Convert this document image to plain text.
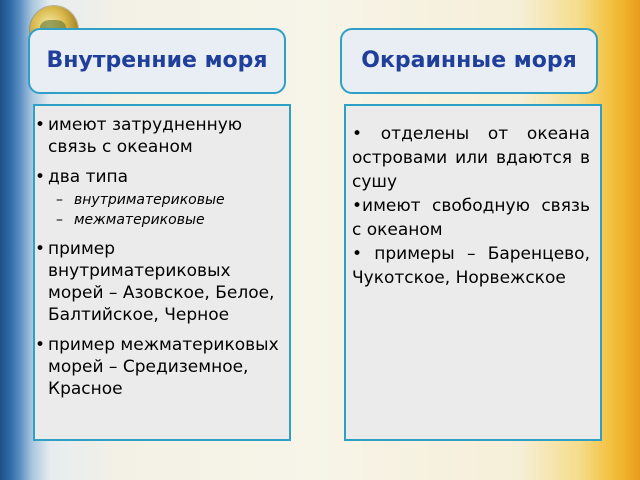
Внутренние моря	Окраинные моря
• имеют затрудненную связь с океаном
• два типа
– внутриматериковые
– межматериковые
• пример внутриматериковых морей – Азовское, Белое, Балтийское, Черное
• пример межматериковых морей – Средиземное, Красное
• отделены от океана островами или вдаются в сушу
•имеют свободную связь с океаном
• примеры – Баренцево, Чукотское, Норвежское
